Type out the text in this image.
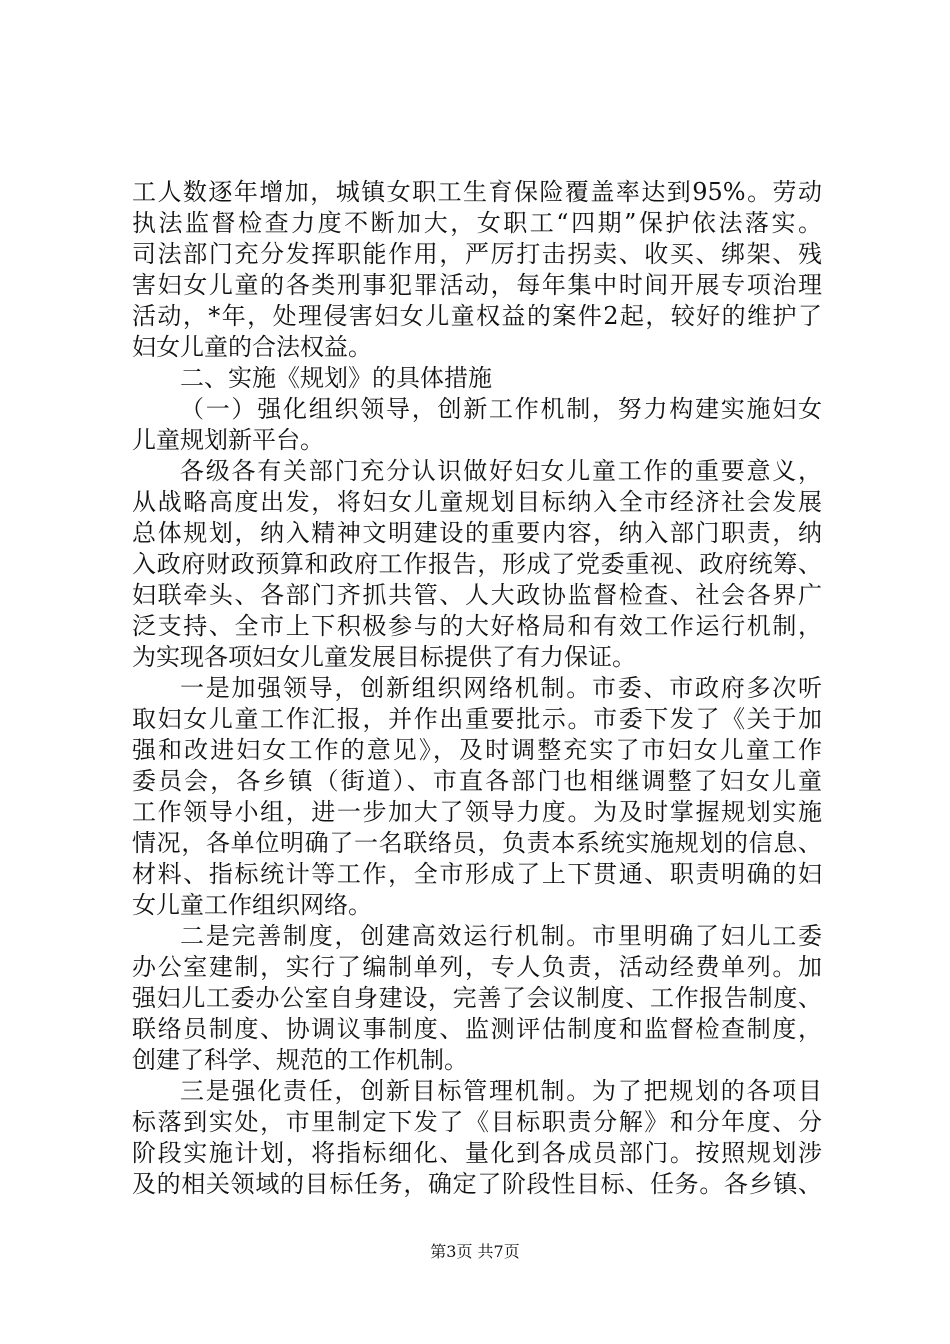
工人数逐年增加，城镇女职工生育保险覆盖率达到95%。劳动
执法监督检查力度不断加大，女职工“四期”保护依法落实。
司法部门充分发挥职能作用，严厉打击拐卖、收买、绑架、残
害妇女儿童的各类刑事犯罪活动，每年集中时间开展专项治理
活动，*年，处理侵害妇女儿童权益的案件2起，较好的维护了
妇女儿童的合法权益。
二、实施《规划》的具体措施
（一）强化组织领导，创新工作机制，努力构建实施妇女
儿童规划新平台。
各级各有关部门充分认识做好妇女儿童工作的重要意义，
从战略高度出发，将妇女儿童规划目标纳入全市经济社会发展
总体规划，纳入精神文明建设的重要内容，纳入部门职责，纳
入政府财政预算和政府工作报告，形成了党委重视、政府统筹、
妇联牵头、各部门齐抓共管、人大政协监督检查、社会各界广
泛支持、全市上下积极参与的大好格局和有效工作运行机制，
为实现各项妇女儿童发展目标提供了有力保证。
一是加强领导，创新组织网络机制。市委、市政府多次听
取妇女儿童工作汇报，并作出重要批示。市委下发了《关于加
强和改进妇女工作的意见》，及时调整充实了市妇女儿童工作
委员会，各乡镇（街道）、市直各部门也相继调整了妇女儿童
工作领导小组，进一步加大了领导力度。为及时掌握规划实施
情况，各单位明确了一名联络员，负责本系统实施规划的信息、
材料、指标统计等工作，全市形成了上下贯通、职责明确的妇
女儿童工作组织网络。
二是完善制度，创建高效运行机制。市里明确了妇儿工委
办公室建制，实行了编制单列，专人负责，活动经费单列。加
强妇儿工委办公室自身建设，完善了会议制度、工作报告制度、
联络员制度、协调议事制度、监测评估制度和监督检查制度，
创建了科学、规范的工作机制。
三是强化责任，创新目标管理机制。为了把规划的各项目
标落到实处，市里制定下发了《目标职责分解》和分年度、分
阶段实施计划，将指标细化、量化到各成员部门。按照规划涉
及的相关领域的目标任务，确定了阶段性目标、任务。各乡镇、
第3页 共7页
